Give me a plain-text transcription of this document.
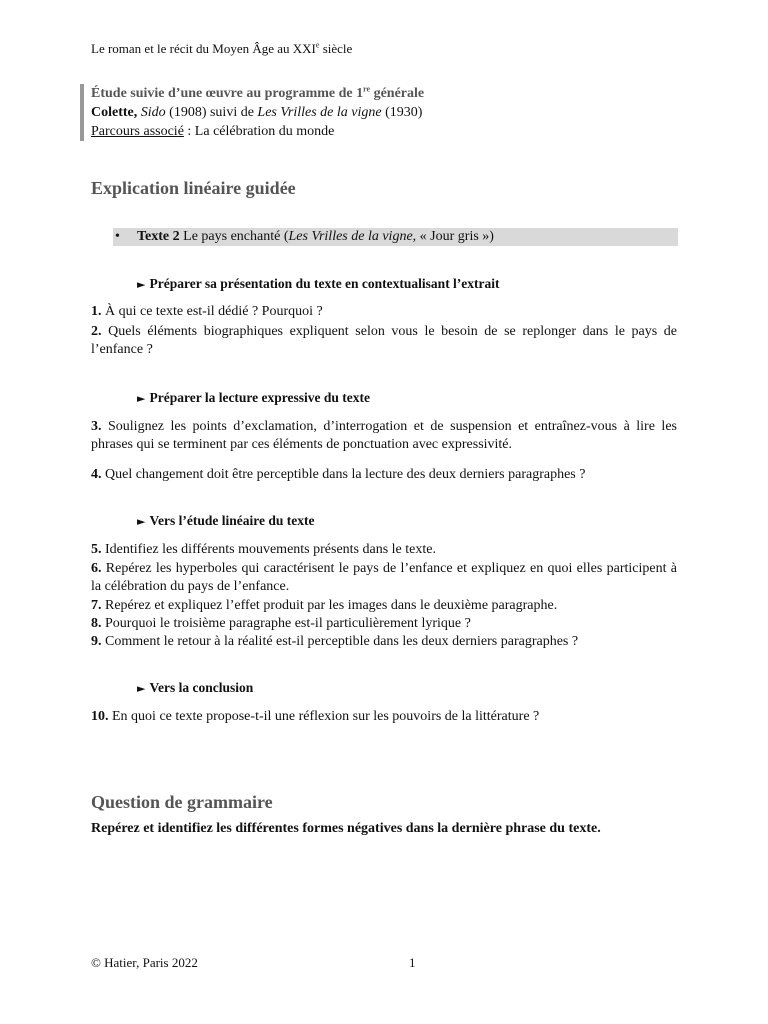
Le roman et le récit du Moyen Âge au XXIe siècle
Étude suivie d’une œuvre au programme de 1re générale
Colette, Sido (1908) suivi de Les Vrilles de la vigne (1930)
Parcours associé : La célébration du monde
Explication linéaire guidée
• Texte 2 Le pays enchanté (Les Vrilles de la vigne, « Jour gris »)
► Préparer sa présentation du texte en contextualisant l’extrait
1. À qui ce texte est-il dédié ? Pourquoi ?
2. Quels éléments biographiques expliquent selon vous le besoin de se replonger dans le pays de l’enfance ?
► Préparer la lecture expressive du texte
3. Soulignez les points d’exclamation, d’interrogation et de suspension et entraînez-vous à lire les phrases qui se terminent par ces éléments de ponctuation avec expressivité.
4. Quel changement doit être perceptible dans la lecture des deux derniers paragraphes ?
► Vers l’étude linéaire du texte
5. Identifiez les différents mouvements présents dans le texte.
6. Repérez les hyperboles qui caractérisent le pays de l’enfance et expliquez en quoi elles participent à la célébration du pays de l’enfance.
7. Repérez et expliquez l’effet produit par les images dans le deuxième paragraphe.
8. Pourquoi le troisième paragraphe est-il particulièrement lyrique ?
9. Comment le retour à la réalité est-il perceptible dans les deux derniers paragraphes ?
► Vers la conclusion
10. En quoi ce texte propose-t-il une réflexion sur les pouvoirs de la littérature ?
Question de grammaire
Repérez et identifiez les différentes formes négatives dans la dernière phrase du texte.
© Hatier, Paris 2022	1
